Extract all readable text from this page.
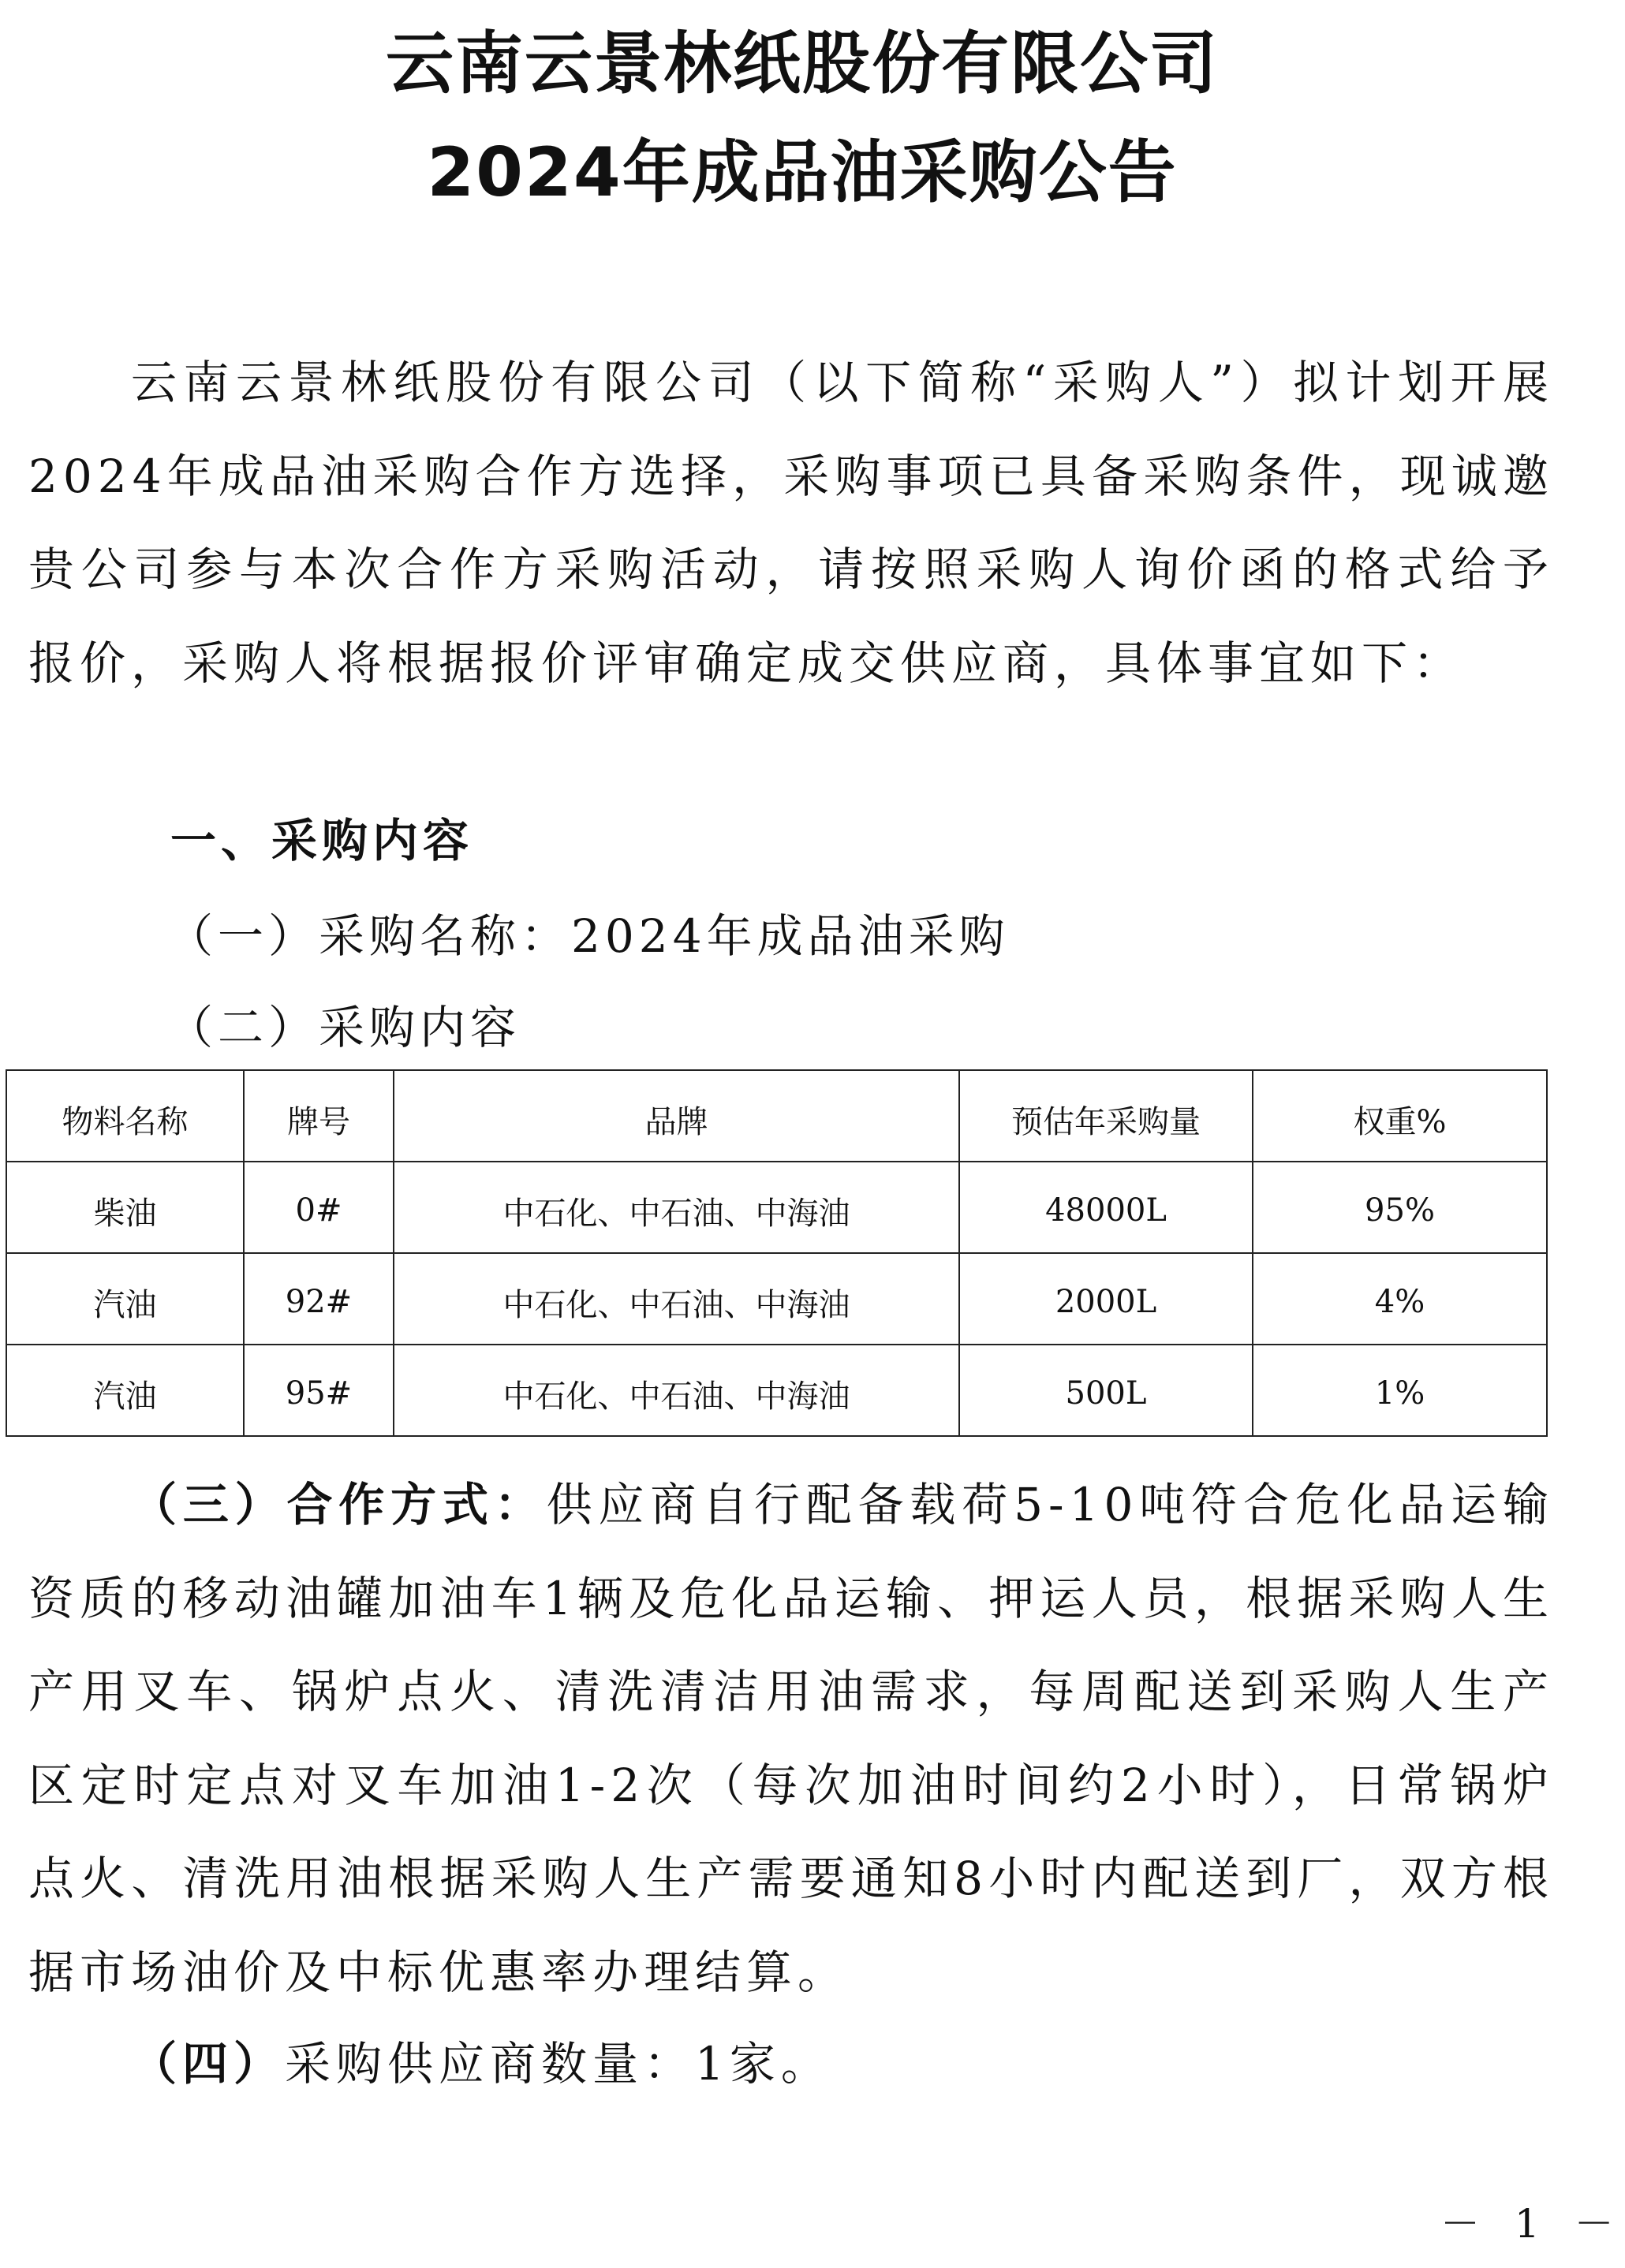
云南云景林纸股份有限公司
2024年成品油采购公告

云南云景林纸股份有限公司（以下简称“采购人”）拟计划开展2024年成品油采购合作方选择，采购事项已具备采购条件，现诚邀贵公司参与本次合作方采购活动，请按照采购人询价函的格式给予报价，采购人将根据报价评审确定成交供应商，具体事宜如下：

一、采购内容

（一）采购名称：2024年成品油采购

（二）采购内容

物料名称	牌号	品牌	预估年采购量	权重%
柴油	0#	中石化、中石油、中海油	48000L	95%
汽油	92#	中石化、中石油、中海油	2000L	4%
汽油	95#	中石化、中石油、中海油	500L	1%

（三）合作方式：供应商自行配备载荷5-10吨符合危化品运输资质的移动油罐加油车1辆及危化品运输、押运人员，根据采购人生产用叉车、锅炉点火、清洗清洁用油需求，每周配送到采购人生产区定时定点对叉车加油1-2次（每次加油时间约2小时），日常锅炉点火、清洗用油根据采购人生产需要通知8小时内配送到厂，双方根据市场油价及中标优惠率办理结算。

（四）采购供应商数量：1家。

－ 1 －
